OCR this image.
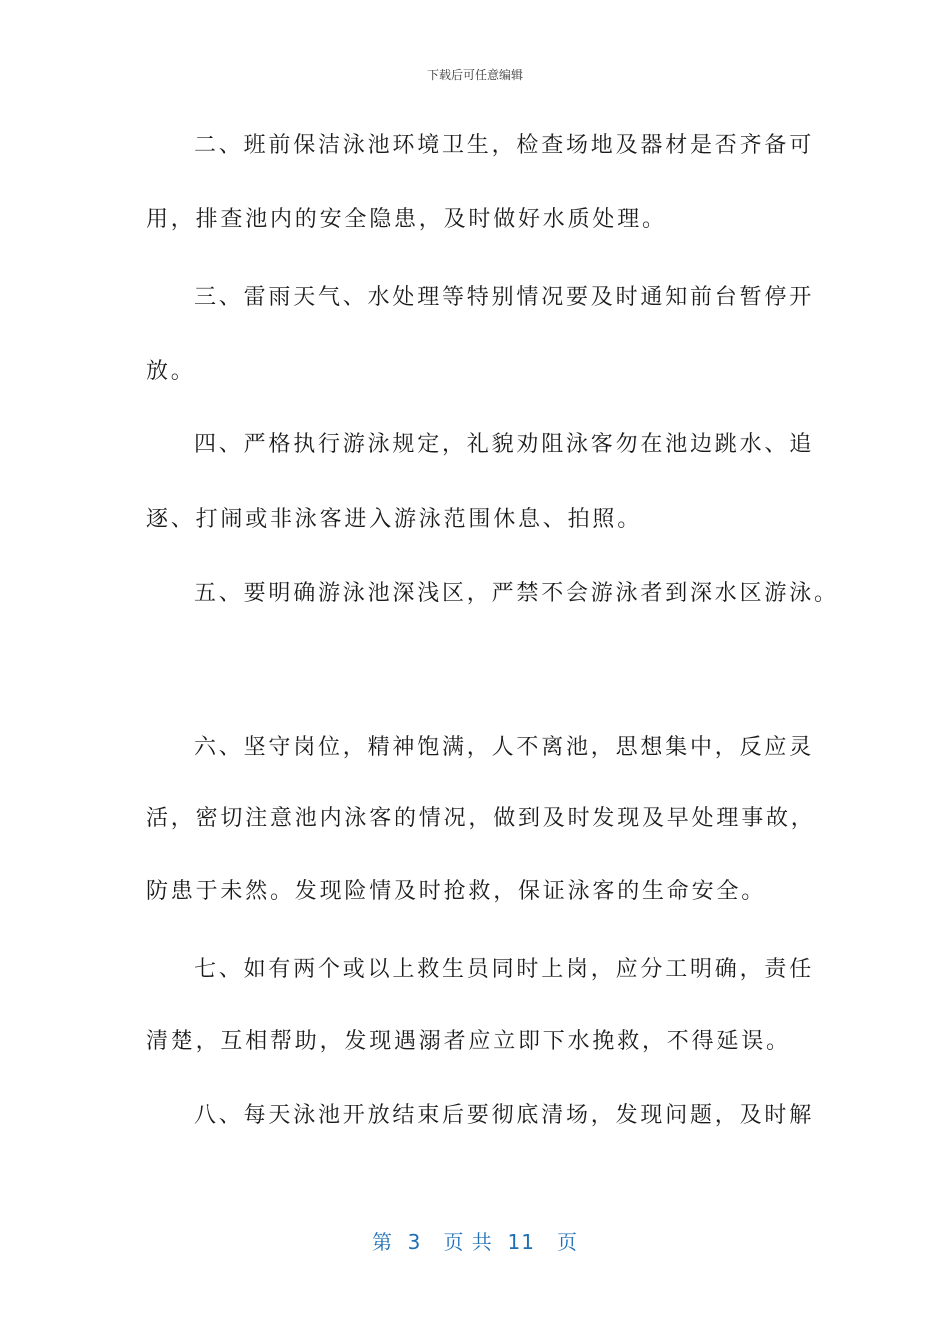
下载后可任意编辑
二、班前保洁泳池环境卫生，检查场地及器材是否齐备可
用，排查池内的安全隐患，及时做好水质处理。
三、雷雨天气、水处理等特别情况要及时通知前台暂停开
放。
四、严格执行游泳规定，礼貌劝阻泳客勿在池边跳水、追
逐、打闹或非泳客进入游泳范围休息、拍照。
五、要明确游泳池深浅区，严禁不会游泳者到深水区游泳。
六、坚守岗位，精神饱满，人不离池，思想集中，反应灵
活，密切注意池内泳客的情况，做到及时发现及早处理事故，
防患于未然。发现险情及时抢救，保证泳客的生命安全。
七、如有两个或以上救生员同时上岗，应分工明确，责任
清楚，互相帮助，发现遇溺者应立即下水挽救，不得延误。
八、每天泳池开放结束后要彻底清场，发现问题，及时解
第  3   页 共  11   页
